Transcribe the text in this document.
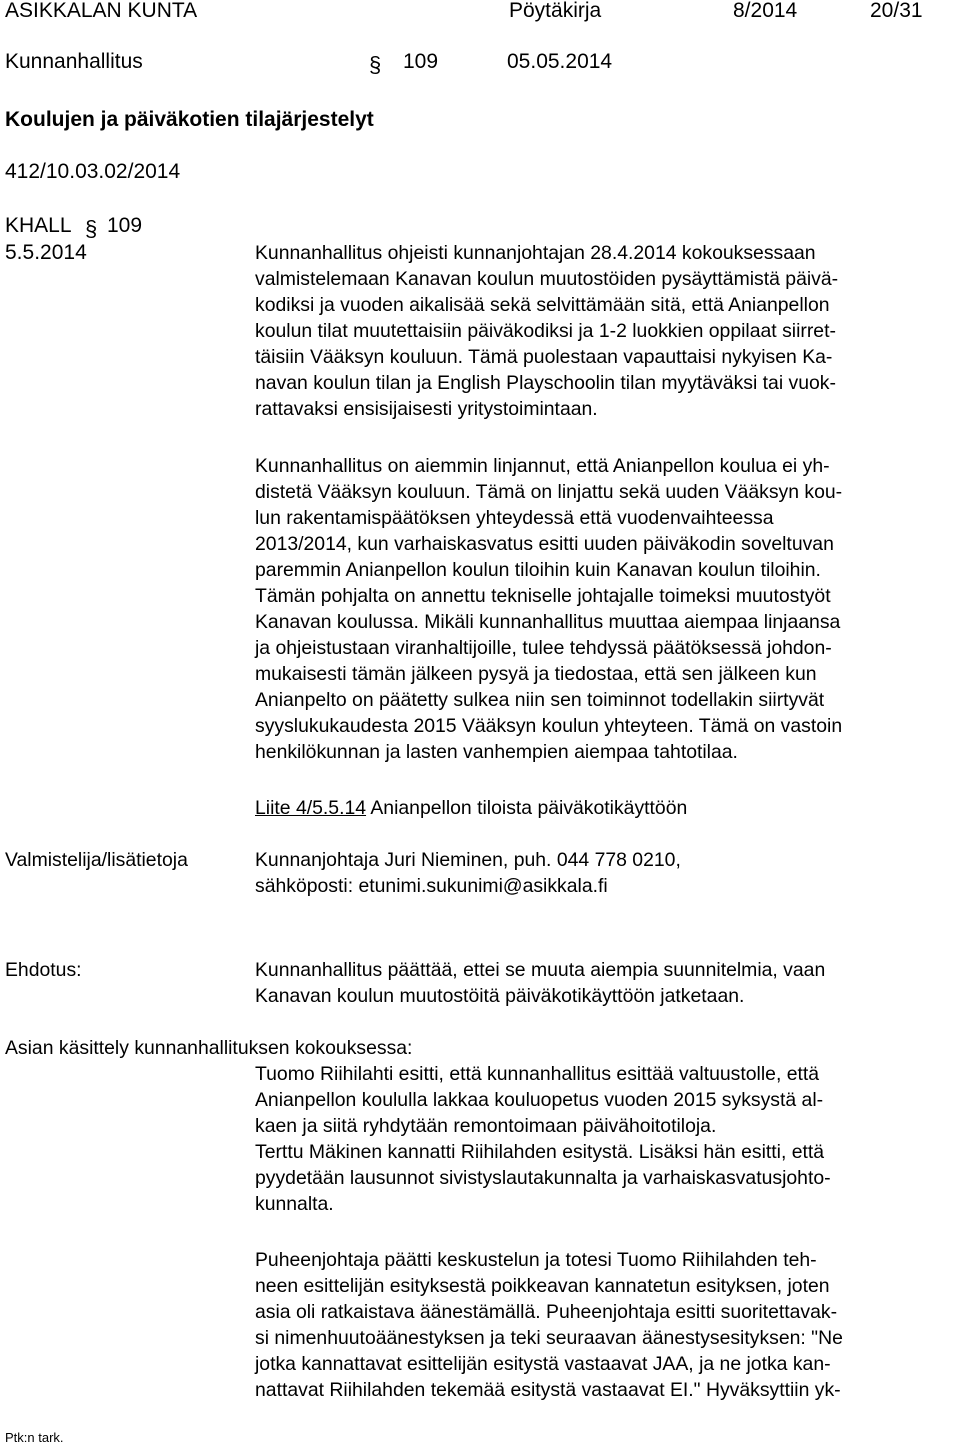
ASIKKALAN KUNTA	Pöytäkirja	8/2014	20/31
Kunnanhallitus	§ 109	05.05.2014
Koulujen ja päiväkotien tilajärjestelyt
412/10.03.02/2014
KHALL § 109
5.5.2014	Kunnanhallitus ohjeisti kunnanjohtajan 28.4.2014 kokouksessaan
valmistelemaan Kanavan koulun muutostöiden pysäyttämistä päivä-
kodiksi ja vuoden aikalisää sekä selvittämään sitä, että Anianpellon
koulun tilat muutettaisiin päiväkodiksi ja 1-2 luokkien oppilaat siirret-
täisiin Vääksyn kouluun. Tämä puolestaan vapauttaisi nykyisen Ka-
navan koulun tilan ja English Playschoolin tilan myytäväksi tai vuok-
rattavaksi ensisijaisesti yritystoimintaan.
Kunnanhallitus on aiemmin linjannut, että Anianpellon koulua ei yh-
distetä Vääksyn kouluun. Tämä on linjattu sekä uuden Vääksyn kou-
lun rakentamispäätöksen yhteydessä että vuodenvaihteessa
2013/2014, kun varhaiskasvatus esitti uuden päiväkodin soveltuvan
paremmin Anianpellon koulun tiloihin kuin Kanavan koulun tiloihin.
Tämän pohjalta on annettu tekniselle johtajalle toimeksi muutostyöt
Kanavan koulussa. Mikäli kunnanhallitus muuttaa aiempaa linjaansa
ja ohjeistustaan viranhaltijoille, tulee tehdyssä päätöksessä johdon-
mukaisesti tämän jälkeen pysyä ja tiedostaa, että sen jälkeen kun
Anianpelto on päätetty sulkea niin sen toiminnot todellakin siirtyvät
syyslukukaudesta 2015 Vääksyn koulun yhteyteen. Tämä on vastoin
henkilökunnan ja lasten vanhempien aiempaa tahtotilaa.
Liite 4/5.5.14 Anianpellon tiloista päiväkotikäyttöön
Valmistelija/lisätietoja	Kunnanjohtaja Juri Nieminen, puh. 044 778 0210,
sähköposti: etunimi.sukunimi@asikkala.fi
Ehdotus:	Kunnanhallitus päättää, ettei se muuta aiempia suunnitelmia, vaan
Kanavan koulun muutostöitä päiväkotikäyttöön jatketaan.
Asian käsittely kunnanhallituksen kokouksessa:
Tuomo Riihilahti esitti, että kunnanhallitus esittää valtuustolle, että
Anianpellon koululla lakkaa kouluopetus vuoden 2015 syksystä al-
kaen ja siitä ryhdytään remontoimaan päivähoitotiloja.
Terttu Mäkinen kannatti Riihilahden esitystä. Lisäksi hän esitti, että
pyydetään lausunnot sivistyslautakunnalta ja varhaiskasvatusjohto-
kunnalta.
Puheenjohtaja päätti keskustelun ja totesi Tuomo Riihilahden teh-
neen esittelijän esityksestä poikkeavan kannatetun esityksen, joten
asia oli ratkaistava äänestämällä. Puheenjohtaja esitti suoritettavak-
si nimenhuutoäänestyksen ja teki seuraavan äänestysesityksen: "Ne
jotka kannattavat esittelijän esitystä vastaavat JAA, ja ne jotka kan-
nattavat Riihilahden tekemää esitystä vastaavat EI." Hyväksyttiin yk-
Ptk:n tark.
